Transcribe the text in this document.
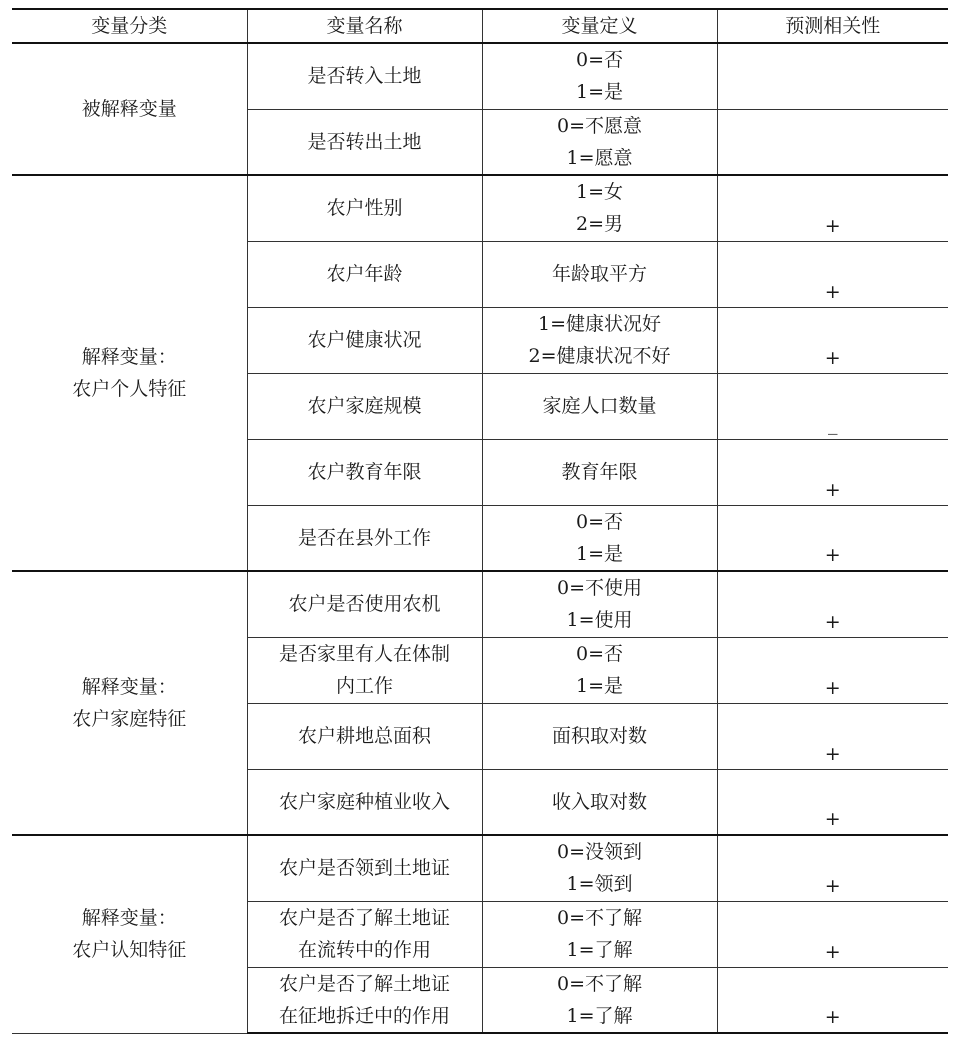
变量分类	变量名称	变量定义	预测相关性

被解释变量	是否转入土地	0=否
1=是	

	是否转出土地	0=不愿意
1=愿意	

解释变量：
农户个人特征	农户性别	1=女
2=男	+

	农户年龄	年龄取平方	+

	农户健康状况	1=健康状况好
2=健康状况不好	+

	农户家庭规模	家庭人口数量	_

	农户教育年限	教育年限	+

	是否在县外工作	0=否
1=是	+

解释变量：
农户家庭特征	农户是否使用农机	0=不使用
1=使用	+

	是否家里有人在体制
内工作	0=否
1=是	+

	农户耕地总面积	面积取对数	+

	农户家庭种植业收入	收入取对数	+

解释变量：
农户认知特征	农户是否领到土地证	0=没领到
1=领到	+

	农户是否了解土地证
在流转中的作用	0=不了解
1=了解	+

	农户是否了解土地证
在征地拆迁中的作用	0=不了解
1=了解	+
